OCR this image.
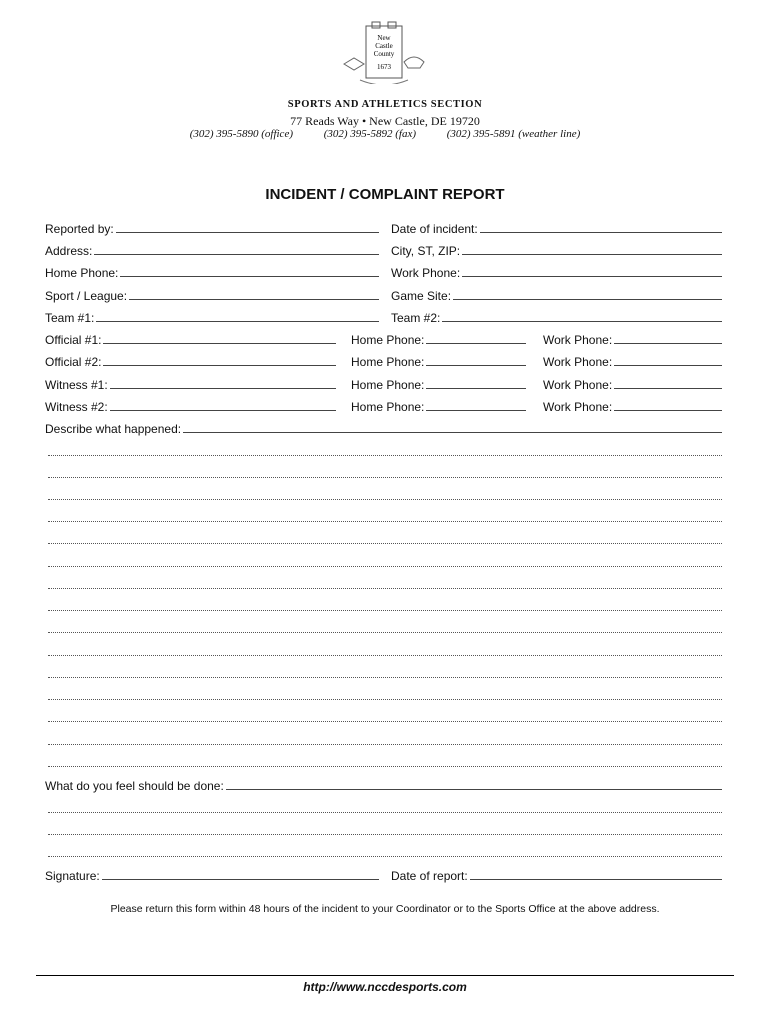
New
Castle
County
1673
SPORTS AND ATHLETICS SECTION
77 Reads Way • New Castle, DE 19720
(302) 395-5890 (office)	(302) 395-5892 (fax)	(302) 395-5891 (weather line)
INCIDENT / COMPLAINT REPORT
Reported by:	Date of incident:
Address:	City, ST, ZIP:
Home Phone:	Work Phone:
Sport / League:	Game Site:
Team #1:	Team #2:
Official #1:	Home Phone:	Work Phone:
Official #2:	Home Phone:	Work Phone:
Witness #1:	Home Phone:	Work Phone:
Witness #2:	Home Phone:	Work Phone:
Describe what happened:
What do you feel should be done:
Signature:	Date of report:
Please return this form within 48 hours of the incident to your Coordinator or to the Sports Office at the above address.
http://www.nccdesports.com
